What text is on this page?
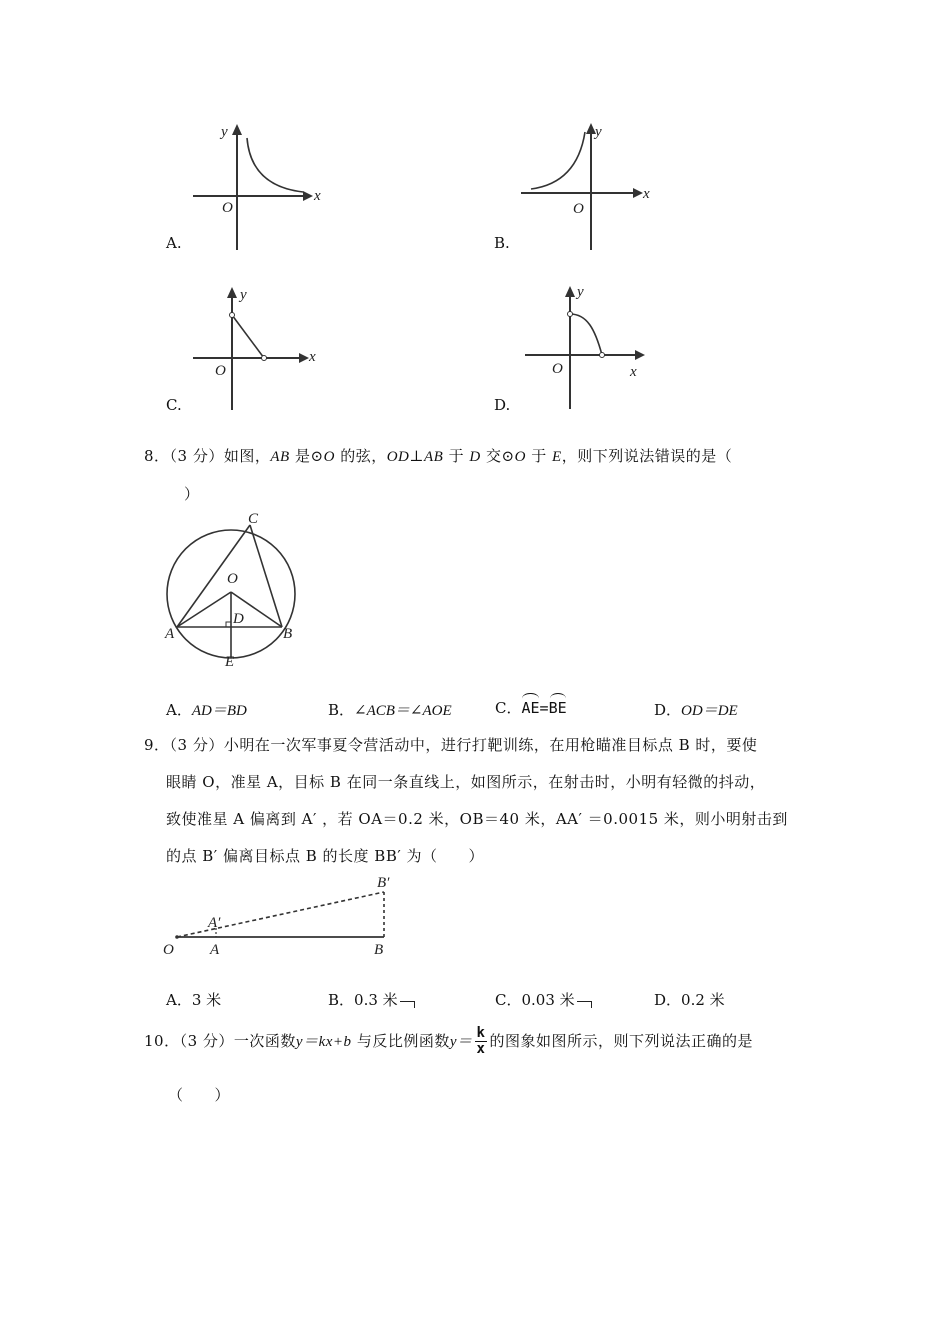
y
x
O
A.
y
x
O
B.
y
x
O
C.
y
x
O
D.
8．（3 分）如图，AB 是⊙O 的弦，OD⊥AB 于 D 交⊙O 于 E，则下列说法错误的是（
）
C
O
D
A	B
E
A．AD＝BD	B．∠ACB＝∠AOE	C．AE=BE	D．OD＝DE
9．（3 分）小明在一次军事夏令营活动中，进行打靶训练，在用枪瞄准目标点 B 时，要使
眼睛 O，准星 A，目标 B 在同一条直线上，如图所示，在射击时，小明有轻微的抖动，
致使准星 A 偏离到 A′ ，若 OA＝0.2 米，OB＝40 米，AA′ ＝0.0015 米，则小明射击到
的点 B′ 偏离目标点 B 的长度 BB′ 为（　　）
O A
A′
B
B′
A．3 米	B．0.3 米	C．0.03 米	D．0.2 米
10．（3 分）一次函数y＝kx+b 与反比例函数$y= \frac{k}{x}$ 的图象如图所示，则下列说法正确的是
（　　）
